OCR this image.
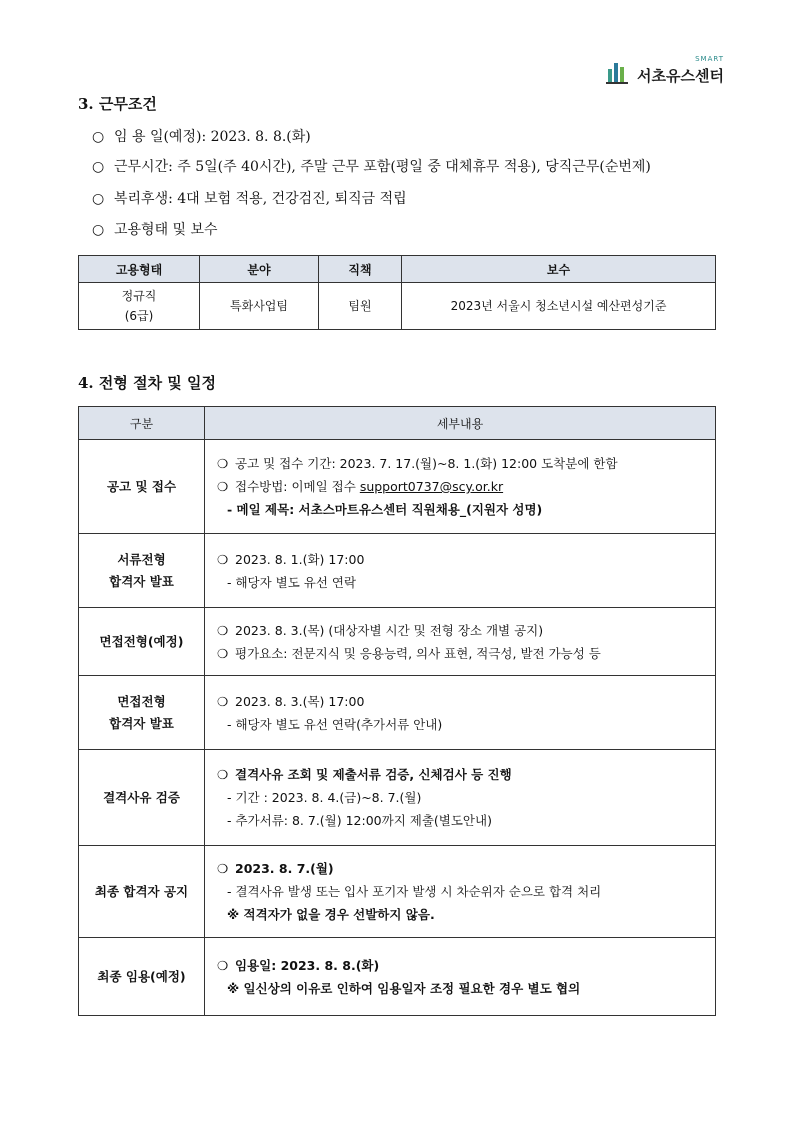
SMART
서초유스센터
3. 근무조건
○ 임 용 일(예정): 2023. 8. 8.(화)
○ 근무시간: 주 5일(주 40시간), 주말 근무 포함(평일 중 대체휴무 적용), 당직근무(순번제)
○ 복리후생: 4대 보험 적용, 건강검진, 퇴직금 적립
○ 고용형태 및 보수
고용형태	분야	직책	보수
정규직
(6급)	특화사업팀	팀원	2023년 서울시 청소년시설 예산편성기준
4. 전형 절차 및 일정
구분	세부내용
공고 및 접수	❍ 공고 및 접수 기간: 2023. 7. 17.(월)~8. 1.(화) 12:00 도착분에 한함
❍ 접수방법: 이메일 접수 support0737@scy.or.kr
- 메일 제목: 서초스마트유스센터 직원채용_(지원자 성명)

서류전형
합격자 발표	❍ 2023. 8. 1.(화) 17:00
- 해당자 별도 유선 연락

면접전형(예정)	❍ 2023. 8. 3.(목) (대상자별 시간 및 전형 장소 개별 공지)
❍ 평가요소: 전문지식 및 응용능력, 의사 표현, 적극성, 발전 가능성 등

면접전형
합격자 발표	❍ 2023. 8. 3.(목) 17:00
- 해당자 별도 유선 연락(추가서류 안내)

결격사유 검증	❍ 결격사유 조회 및 제출서류 검증, 신체검사 등 진행
- 기간 : 2023. 8. 4.(금)~8. 7.(월)
- 추가서류: 8. 7.(월) 12:00까지 제출(별도안내)

최종 합격자 공지	❍ 2023. 8. 7.(월)
- 결격사유 발생 또는 입사 포기자 발생 시 차순위자 순으로 합격 처리
※ 적격자가 없을 경우 선발하지 않음.

최종 임용(예정)	❍ 임용일: 2023. 8. 8.(화)
※ 일신상의 이유로 인하여 임용일자 조정 필요한 경우 별도 협의
